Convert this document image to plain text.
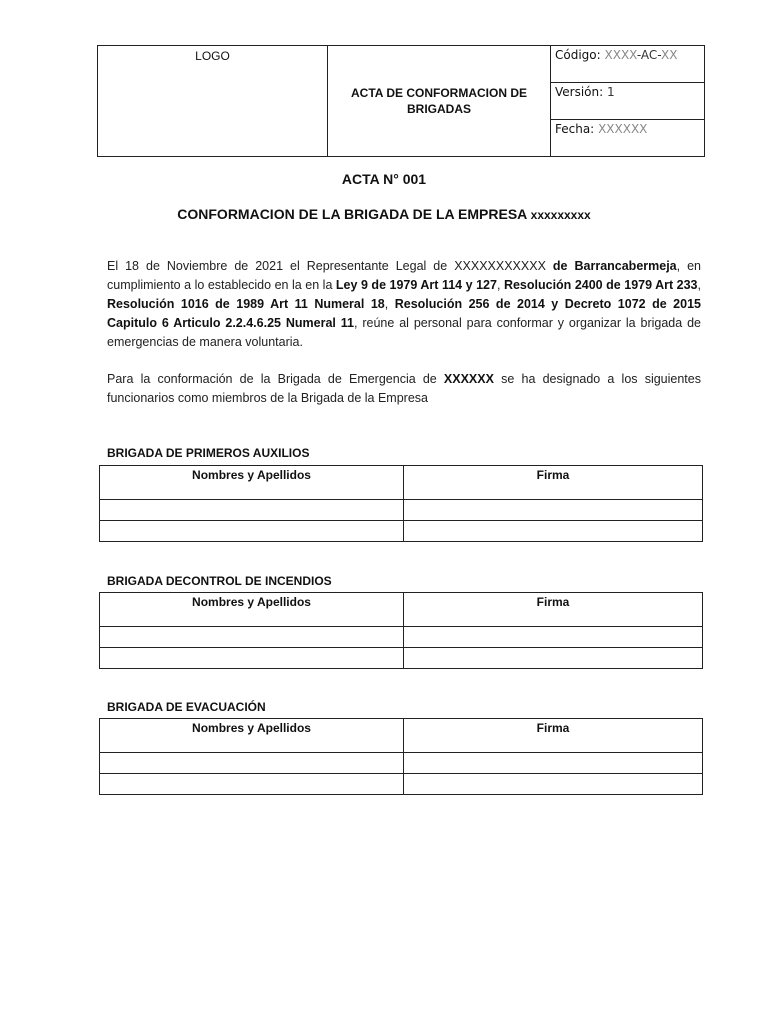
LOGO	ACTA DE CONFORMACION DE BRIGADAS	Código: XXXX-AC-XX
Versión: 1
Fecha: XXXXXX
ACTA N° 001
CONFORMACION DE LA BRIGADA DE LA EMPRESA xxxxxxxxx
El 18 de Noviembre de 2021 el Representante Legal de XXXXXXXXXXX de Barrancabermeja, en cumplimiento a lo establecido en la en la Ley 9 de 1979 Art 114 y 127, Resolución 2400 de 1979 Art 233, Resolución 1016 de 1989 Art 11 Numeral 18, Resolución 256 de 2014 y Decreto 1072 de 2015 Capitulo 6 Articulo 2.2.4.6.25 Numeral 11, reúne al personal para conformar y organizar la brigada de emergencias de manera voluntaria.
Para la conformación de la Brigada de Emergencia de XXXXXX se ha designado a los siguientes funcionarios como miembros de la Brigada de la Empresa
BRIGADA DE PRIMEROS AUXILIOS
Nombres y Apellidos	Firma

BRIGADA DECONTROL DE INCENDIOS
Nombres y Apellidos	Firma

BRIGADA DE EVACUACIÓN
Nombres y Apellidos	Firma
